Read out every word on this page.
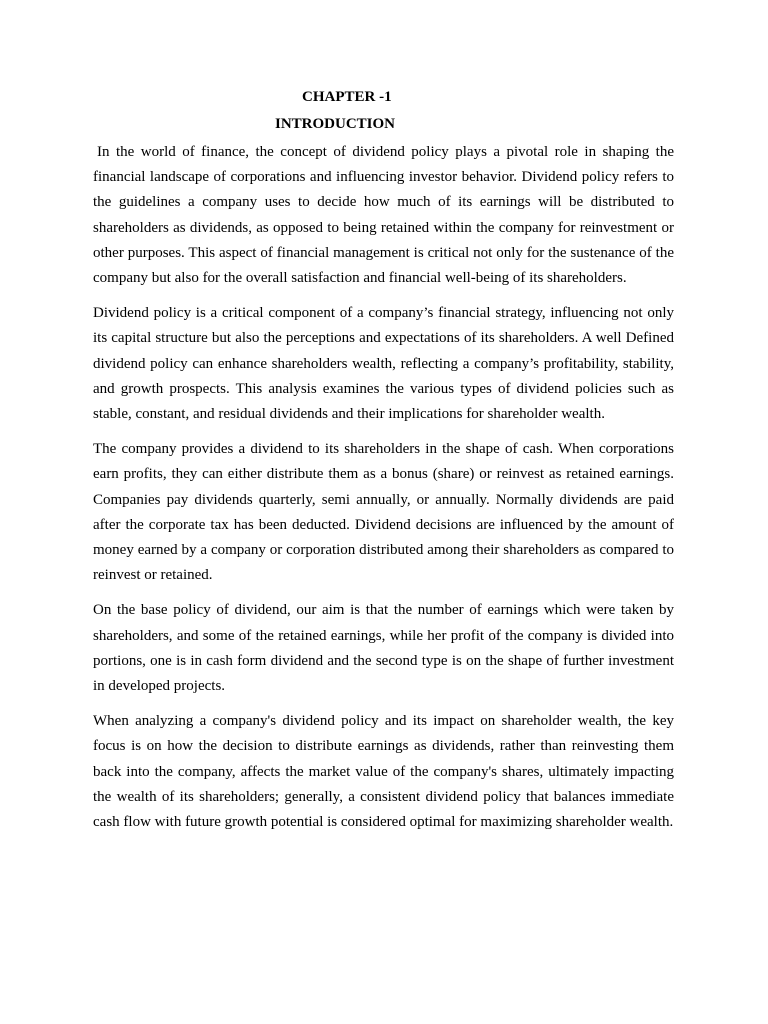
CHAPTER -1
INTRODUCTION

In the world of finance, the concept of dividend policy plays a pivotal role in shaping the financial landscape of corporations and influencing investor behavior. Dividend policy refers to the guidelines a company uses to decide how much of its earnings will be distributed to shareholders as dividends, as opposed to being retained within the company for reinvestment or other purposes. This aspect of financial management is critical not only for the sustenance of the company but also for the overall satisfaction and financial well-being of its shareholders.

Dividend policy is a critical component of a company’s financial strategy, influencing not only its capital structure but also the perceptions and expectations of its shareholders. A well Defined dividend policy can enhance shareholders wealth, reflecting a company’s profitability, stability, and growth prospects. This analysis examines the various types of dividend policies such as stable, constant, and residual dividends and their implications for shareholder wealth.

The company provides a dividend to its shareholders in the shape of cash. When corporations earn profits, they can either distribute them as a bonus (share) or reinvest as retained earnings. Companies pay dividends quarterly, semi annually, or annually. Normally dividends are paid after the corporate tax has been deducted. Dividend decisions are influenced by the amount of money earned by a company or corporation distributed among their shareholders as compared to reinvest or retained.

On the base policy of dividend, our aim is that the number of earnings which were taken by shareholders, and some of the retained earnings, while her profit of the company is divided into portions, one is in cash form dividend and the second type is on the shape of further investment in developed projects.

When analyzing a company's dividend policy and its impact on shareholder wealth, the key focus is on how the decision to distribute earnings as dividends, rather than reinvesting them back into the company, affects the market value of the company's shares, ultimately impacting the wealth of its shareholders; generally, a consistent dividend policy that balances immediate cash flow with future growth potential is considered optimal for maximizing shareholder wealth.
